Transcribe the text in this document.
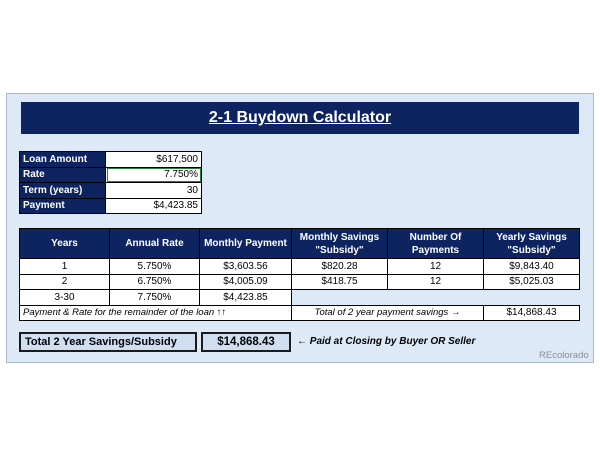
2-1 Buydown Calculator
Loan Amount	$617,500
Rate	7.750%
Term (years)	30
Payment	$4,423.85
Years	Annual Rate	Monthly Payment	Monthly Savings "Subsidy"	Number Of Payments	Yearly Savings "Subsidy"
1	5.750%	$3,603.56	$820.28	12	$9,843.40
2	6.750%	$4,005.09	$418.75	12	$5,025.03
3-30	7.750%	$4,423.85			
Payment & Rate for the remainder of the loan ↑↑			Total of 2 year payment savings →		$14,868.43
Total 2 Year Savings/Subsidy	$14,868.43	← Paid at Closing by Buyer OR Seller
REcolorado
